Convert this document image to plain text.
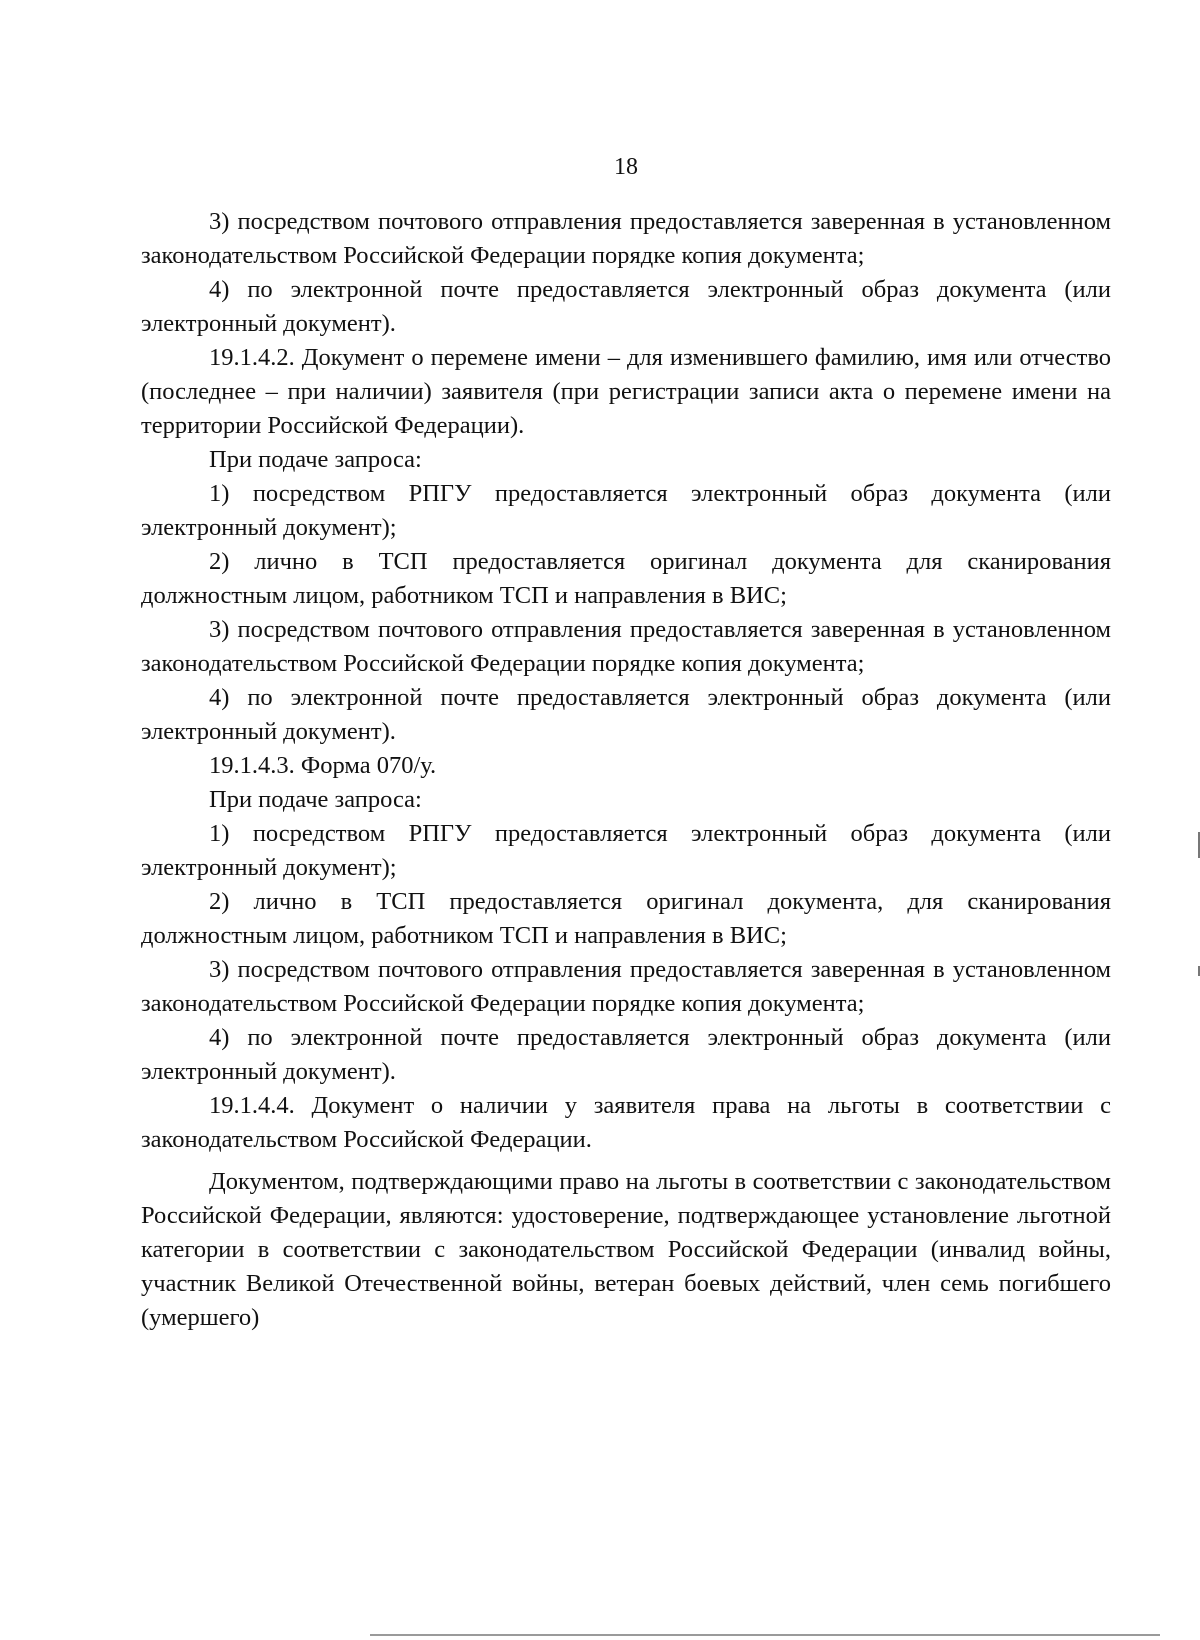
18

3) посредством почтового отправления предоставляется заверенная в установленном законодательством Российской Федерации порядке копия документа;

4) по электронной почте предоставляется электронный образ документа (или электронный документ).

19.1.4.2. Документ о перемене имени – для изменившего фамилию, имя или отчество (последнее – при наличии) заявителя (при регистрации записи акта о перемене имени на территории Российской Федерации).

При подаче запроса:

1) посредством РПГУ предоставляется электронный образ документа (или электронный документ);

2) лично в ТСП предоставляется оригинал документа для сканирования должностным лицом, работником ТСП и направления в ВИС;

3) посредством почтового отправления предоставляется заверенная в установленном законодательством Российской Федерации порядке копия документа;

4) по электронной почте предоставляется электронный образ документа (или электронный документ).

19.1.4.3. Форма 070/у.

При подаче запроса:

1) посредством РПГУ предоставляется электронный образ документа (или электронный документ);

2) лично в ТСП предоставляется оригинал документа, для сканирования должностным лицом, работником ТСП и направления в ВИС;

3) посредством почтового отправления предоставляется заверенная в установленном законодательством Российской Федерации порядке копия документа;

4) по электронной почте предоставляется электронный образ документа (или электронный документ).

19.1.4.4. Документ о наличии у заявителя права на льготы в соответствии с законодательством Российской Федерации.

Документом, подтверждающими право на льготы в соответствии с законодательством Российской Федерации, являются: удостоверение, подтверждающее установление льготной категории в соответствии с законодательством Российской Федерации (инвалид войны, участник Великой Отечественной войны, ветеран боевых действий, член семь погибшего (умершего)
